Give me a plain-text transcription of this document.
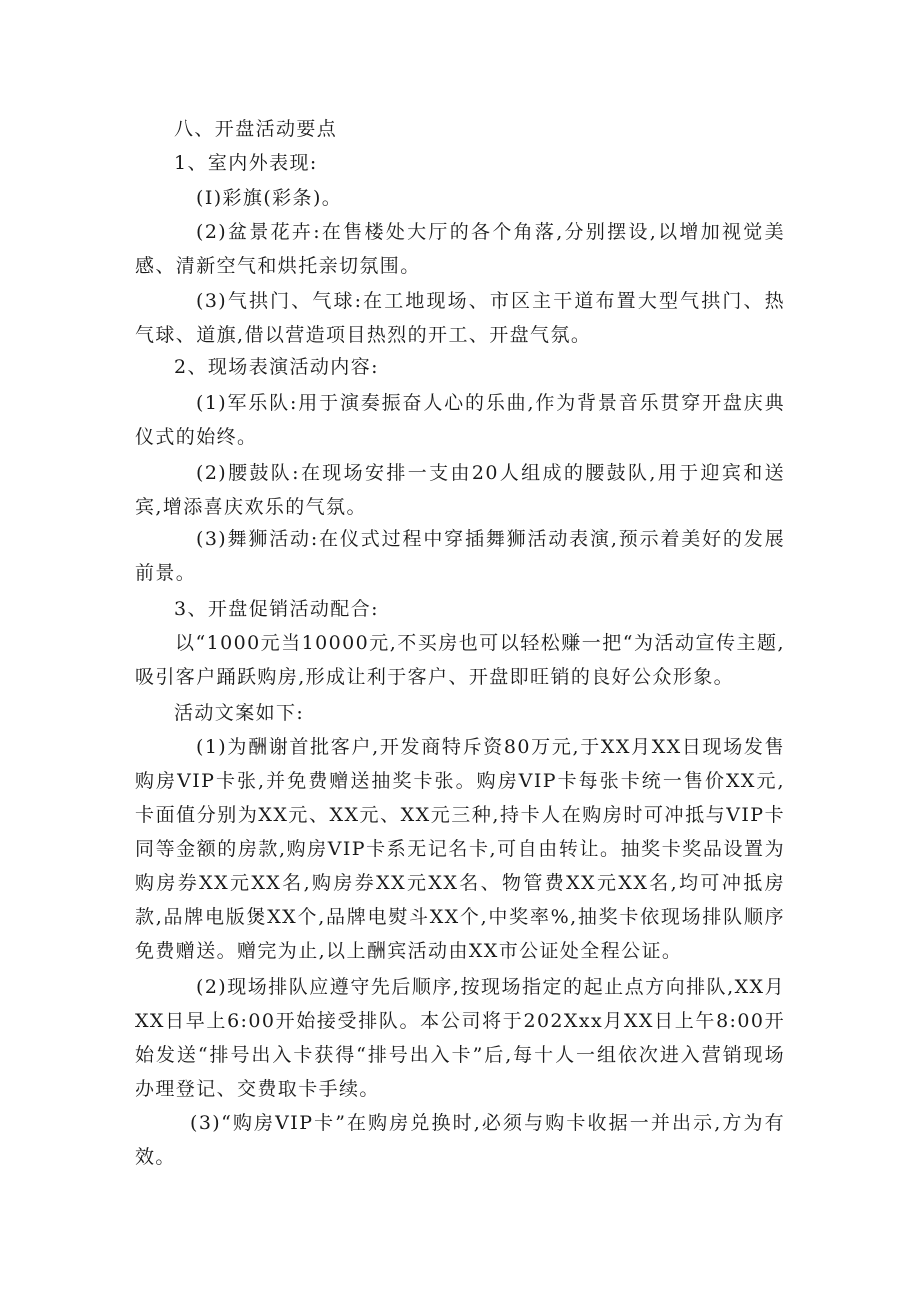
八、开盘活动要点

1、室内外表现:

(I)彩旗(彩条)。

(2)盆景花卉:在售楼处大厅的各个角落,分别摆设,以增加视觉美感、清新空气和烘托亲切氛围。

(3)气拱门、气球:在工地现场、市区主干道布置大型气拱门、热气球、道旗,借以营造项目热烈的开工、开盘气氛。

2、现场表演活动内容:

(1)军乐队:用于演奏振奋人心的乐曲,作为背景音乐贯穿开盘庆典仪式的始终。

(2)腰鼓队:在现场安排一支由20人组成的腰鼓队,用于迎宾和送宾,增添喜庆欢乐的气氛。

(3)舞狮活动:在仪式过程中穿插舞狮活动表演,预示着美好的发展前景。

3、开盘促销活动配合:

以“1000元当10000元,不买房也可以轻松赚一把“为活动宣传主题,吸引客户踊跃购房,形成让利于客户、开盘即旺销的良好公众形象。

活动文案如下:

(1)为酬谢首批客户,开发商特斥资80万元,于XX月XX日现场发售购房VIP卡张,并免费赠送抽奖卡张。购房VIP卡每张卡统一售价XX元,卡面值分别为XX元、XX元、XX元三种,持卡人在购房时可冲抵与VIP卡同等金额的房款,购房VIP卡系无记名卡,可自由转让。抽奖卡奖品设置为购房券XX元XX名,购房券XX元XX名、物管费XX元XX名,均可冲抵房款,品牌电版煲XX个,品牌电熨斗XX个,中奖率%,抽奖卡依现场排队顺序免费赠送。赠完为止,以上酬宾活动由XX市公证处全程公证。

(2)现场排队应遵守先后顺序,按现场指定的起止点方向排队,XX月XX日早上6:00开始接受排队。本公司将于202Xxx月XX日上午8:00开始发送“排号出入卡获得“排号出入卡”后,每十人一组依次进入营销现场办理登记、交费取卡手续。

(3)“购房VIP卡”在购房兑换时,必须与购卡收据一并出示,方为有效。
